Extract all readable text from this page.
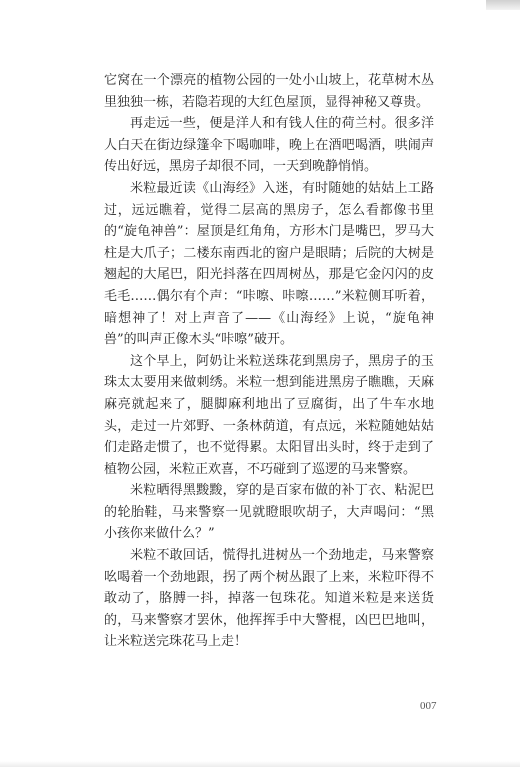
它窝在一个漂亮的植物公园的一处小山坡上，花草树木丛里独独一栋，若隐若现的大红色屋顶，显得神秘又尊贵。

再走远一些，便是洋人和有钱人住的荷兰村。很多洋人白天在街边绿篷伞下喝咖啡，晚上在酒吧喝酒，哄闹声传出好远，黑房子却很不同，一天到晚静悄悄。

米粒最近读《山海经》入迷，有时随她的姑姑上工路过，远远瞧着，觉得二层高的黑房子，怎么看都像书里的“旋龟神兽”：屋顶是红角角，方形木门是嘴巴，罗马大柱是大爪子；二楼东南西北的窗户是眼睛；后院的大树是翘起的大尾巴，阳光抖落在四周树丛，那是它金闪闪的皮毛毛……偶尔有个声：“咔嚓、咔嚓……”米粒侧耳听着，暗想神了！对上声音了——《山海经》上说，“旋龟神兽”的叫声正像木头“咔嚓”破开。

这个早上，阿奶让米粒送珠花到黑房子，黑房子的玉珠太太要用来做刺绣。米粒一想到能进黑房子瞧瞧，天麻麻亮就起来了，腿脚麻利地出了豆腐街，出了牛车水地头，走过一片郊野、一条林荫道，有点远，米粒随她姑姑们走路走惯了，也不觉得累。太阳冒出头时，终于走到了植物公园，米粒正欢喜，不巧碰到了巡逻的马来警察。

米粒晒得黑黢黢，穿的是百家布做的补丁衣、粘泥巴的轮胎鞋，马来警察一见就瞪眼吹胡子，大声喝问：“黑小孩你来做什么？”

米粒不敢回话，慌得扎进树丛一个劲地走，马来警察吆喝着一个劲地跟，拐了两个树丛跟了上来，米粒吓得不敢动了，胳膊一抖，掉落一包珠花。知道米粒是来送货的，马来警察才罢休，他挥挥手中大警棍，凶巴巴地叫，让米粒送完珠花马上走！

007
